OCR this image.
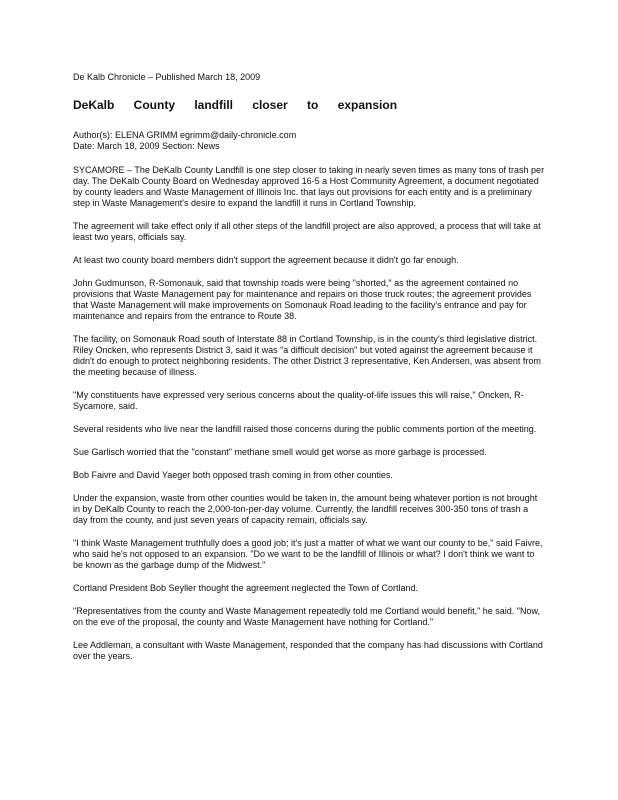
De Kalb Chronicle – Published March 18, 2009

DeKalb County landfill closer to expansion
Author(s): ELENA GRIMM egrimm@daily-chronicle.com
Date: March 18, 2009 Section: News

SYCAMORE – The DeKalb County Landfill is one step closer to taking in nearly seven times as many tons of trash per day. The DeKalb County Board on Wednesday approved 16-5 a Host Community Agreement, a document negotiated by county leaders and Waste Management of Illinois Inc. that lays out provisions for each entity and is a preliminary step in Waste Management's desire to expand the landfill it runs in Cortland Township.

The agreement will take effect only if all other steps of the landfill project are also approved, a process that will take at least two years, officials say.

At least two county board members didn't support the agreement because it didn't go far enough.

John Gudmunson, R-Somonauk, said that township roads were being "shorted," as the agreement contained no provisions that Waste Management pay for maintenance and repairs on those truck routes; the agreement provides that Waste Management will make improvements on Somonauk Road leading to the facility's entrance and pay for maintenance and repairs from the entrance to Route 38.

The facility, on Somonauk Road south of Interstate 88 in Cortland Township, is in the county's third legislative district. Riley Oncken, who represents District 3, said it was "a difficult decision" but voted against the agreement because it didn't do enough to protect neighboring residents. The other District 3 representative, Ken Andersen, was absent from the meeting because of illness.

"My constituents have expressed very serious concerns about the quality-of-life issues this will raise," Oncken, R-Sycamore, said.

Several residents who live near the landfill raised those concerns during the public comments portion of the meeting.

Sue Garlisch worried that the "constant" methane smell would get worse as more garbage is processed.

Bob Faivre and David Yaeger both opposed trash coming in from other counties.

Under the expansion, waste from other counties would be taken in, the amount being whatever portion is not brought in by DeKalb County to reach the 2,000-ton-per-day volume. Currently, the landfill receives 300-350 tons of trash a day from the county, and just seven years of capacity remain, officials say.

"I think Waste Management truthfully does a good job; it's just a matter of what we want our county to be," said Faivre, who said he's not opposed to an expansion. "Do we want to be the landfill of Illinois or what? I don't think we want to be known as the garbage dump of the Midwest."

Cortland President Bob Seyller thought the agreement neglected the Town of Cortland.

"Representatives from the county and Waste Management repeatedly told me Cortland would benefit," he said. "Now, on the eve of the proposal, the county and Waste Management have nothing for Cortland."

Lee Addleman, a consultant with Waste Management, responded that the company has had discussions with Cortland over the years.
